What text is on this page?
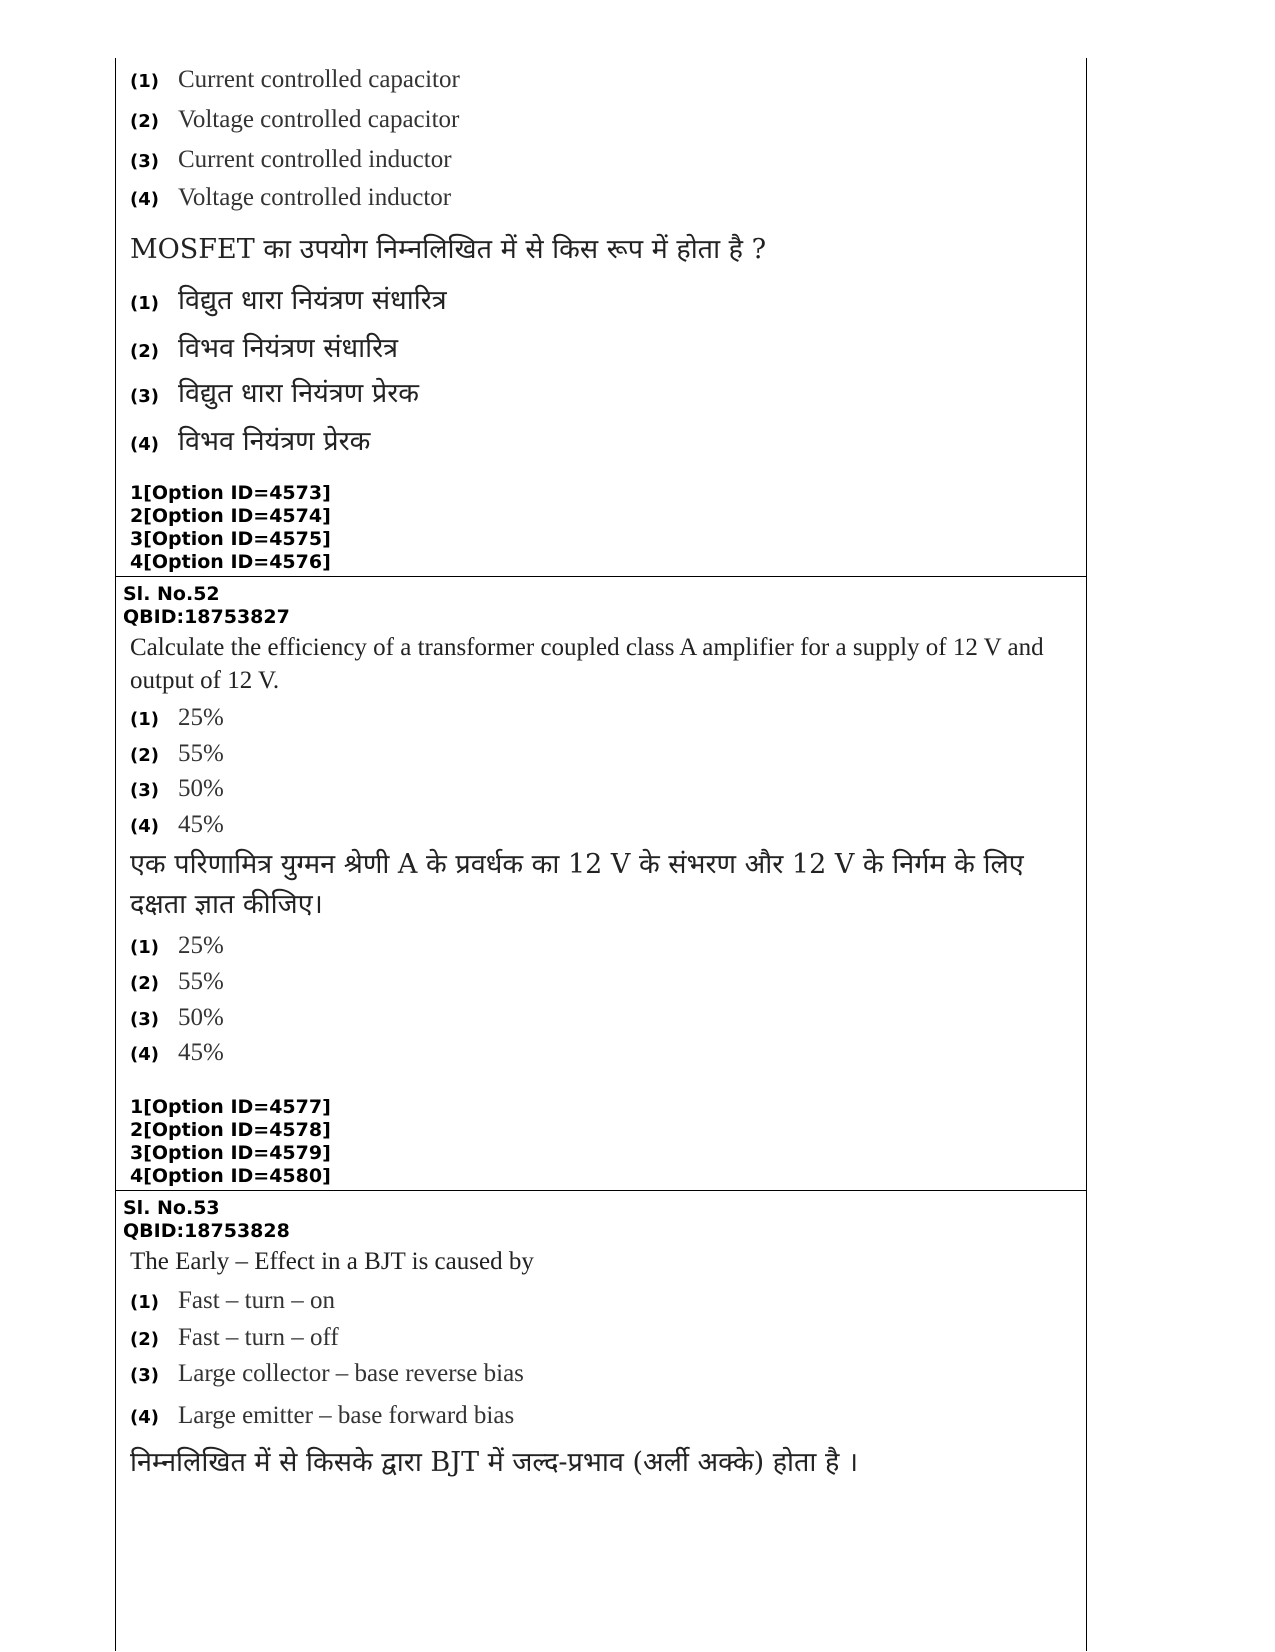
(1) Current controlled capacitor
(2) Voltage controlled capacitor
(3) Current controlled inductor
(4) Voltage controlled inductor
MOSFET का उपयोग निम्नलिखित में से किस रूप में होता है ?
(1) विद्युत धारा नियंत्रण संधारित्र
(2) विभव नियंत्रण संधारित्र
(3) विद्युत धारा नियंत्रण प्रेरक
(4) विभव नियंत्रण प्रेरक
1[Option ID=4573]
2[Option ID=4574]
3[Option ID=4575]
4[Option ID=4576]
Sl. No.52
QBID:18753827
Calculate the efficiency of a transformer coupled class A amplifier for a supply of 12 V and output of 12 V.
(1) 25%
(2) 55%
(3) 50%
(4) 45%
एक परिणामित्र युग्मन श्रेणी A के प्रवर्धक का 12 V के संभरण और 12 V के निर्गम के लिए दक्षता ज्ञात कीजिए।
(1) 25%
(2) 55%
(3) 50%
(4) 45%
1[Option ID=4577]
2[Option ID=4578]
3[Option ID=4579]
4[Option ID=4580]
Sl. No.53
QBID:18753828
The Early – Effect in a BJT is caused by
(1) Fast – turn – on
(2) Fast – turn – off
(3) Large collector – base reverse bias
(4) Large emitter – base forward bias
निम्नलिखित में से किसके द्वारा BJT में जल्द-प्रभाव (अर्ली अक्के) होता है ।
